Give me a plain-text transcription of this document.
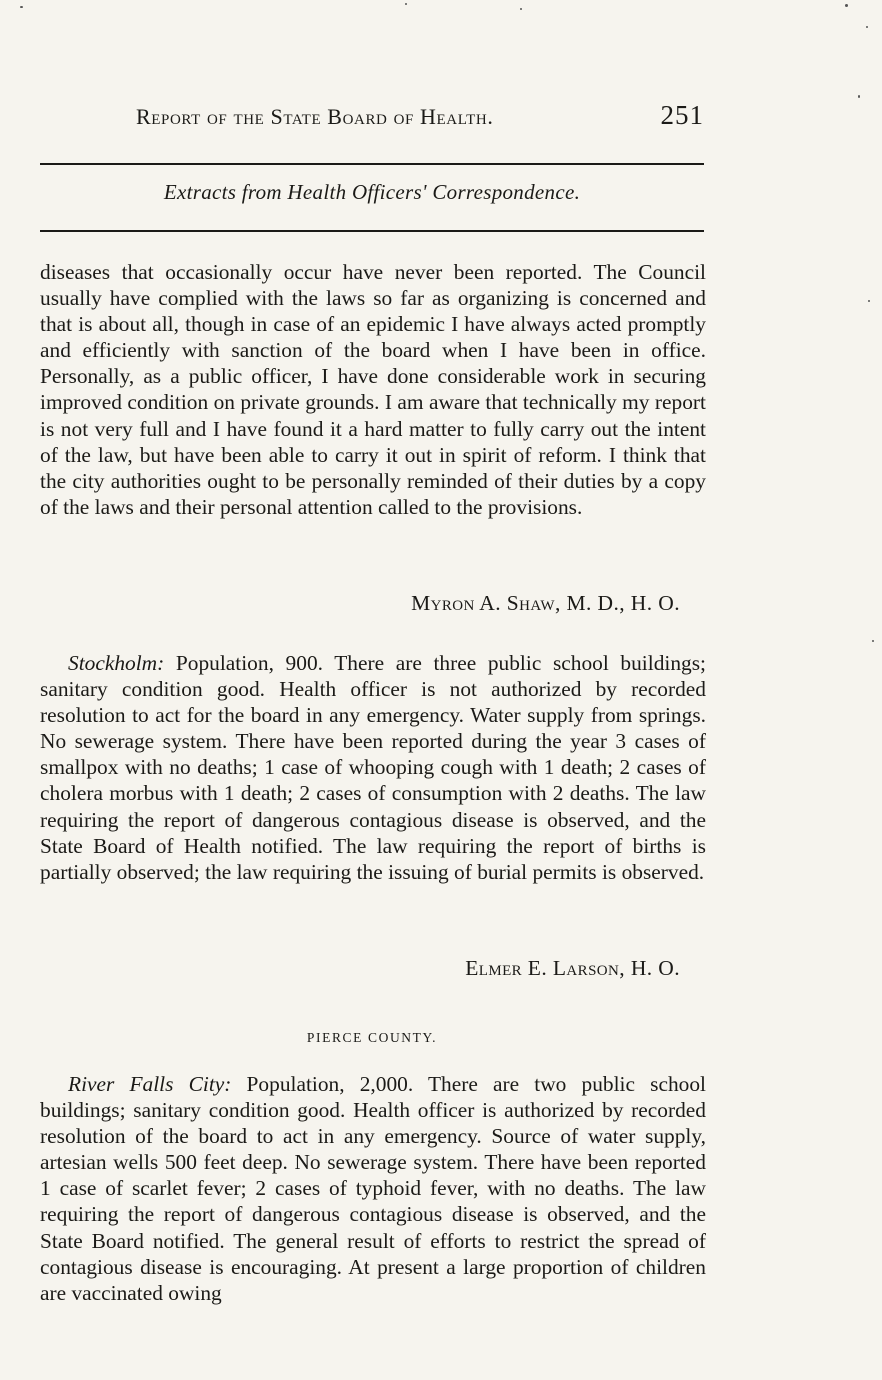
Report of the State Board of Health.	251
Extracts from Health Officers' Correspondence.

diseases that occasionally occur have never been reported. The Council usually have complied with the laws so far as organizing is concerned and that is about all, though in case of an epidemic I have always acted promptly and efficiently with sanction of the board when I have been in office. Personally, as a public officer, I have done considerable work in securing improved condition on private grounds. I am aware that technically my report is not very full and I have found it a hard matter to fully carry out the intent of the law, but have been able to carry it out in spirit of reform. I think that the city authorities ought to be personally reminded of their duties by a copy of the laws and their personal attention called to the provisions.

Myron A. Shaw, M. D., H. O.

Stockholm: Population, 900. There are three public school buildings; sanitary condition good. Health officer is not authorized by recorded resolution to act for the board in any emergency. Water supply from springs. No sewerage system. There have been reported during the year 3 cases of smallpox with no deaths; 1 case of whooping cough with 1 death; 2 cases of cholera morbus with 1 death; 2 cases of consumption with 2 deaths. The law requiring the report of dangerous contagious disease is observed, and the State Board of Health notified. The law requiring the report of births is partially observed; the law requiring the issuing of burial permits is observed.

Elmer E. Larson, H. O.
PIERCE COUNTY.

River Falls City: Population, 2,000. There are two public school buildings; sanitary condition good. Health officer is authorized by recorded resolution of the board to act in any emergency. Source of water supply, artesian wells 500 feet deep. No sewerage system. There have been reported 1 case of scarlet fever; 2 cases of typhoid fever, with no deaths. The law requiring the report of dangerous contagious disease is observed, and the State Board notified. The general result of efforts to restrict the spread of contagious disease is encouraging. At present a large proportion of children are vaccinated owing
